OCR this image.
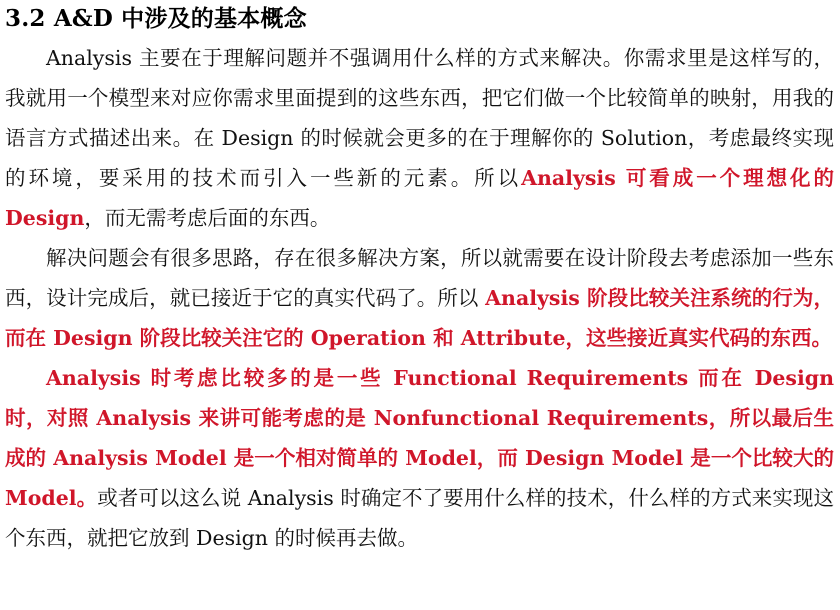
3.2 A&D 中涉及的基本概念

Analysis 主要在于理解问题并不强调用什么样的方式来解决。你需求里是这样写的，我就用一个模型来对应你需求里面提到的这些东西，把它们做一个比较简单的映射，用我的语言方式描述出来。在 Design 的时候就会更多的在于理解你的 Solution，考虑最终实现的环境，要采用的技术而引入一些新的元素。所以Analysis 可看成一个理想化的 Design，而无需考虑后面的东西。

解决问题会有很多思路，存在很多解决方案，所以就需要在设计阶段去考虑添加一些东西，设计完成后，就已接近于它的真实代码了。所以 Analysis 阶段比较关注系统的行为，而在 Design 阶段比较关注它的 Operation 和 Attribute，这些接近真实代码的东西。

Analysis 时考虑比较多的是一些 Functional Requirements 而在 Design 时，对照 Analysis 来讲可能考虑的是 Nonfunctional Requirements，所以最后生成的 Analysis Model 是一个相对简单的 Model，而 Design Model 是一个比较大的 Model。或者可以这么说 Analysis 时确定不了要用什么样的技术，什么样的方式来实现这个东西，就把它放到 Design 的时候再去做。
